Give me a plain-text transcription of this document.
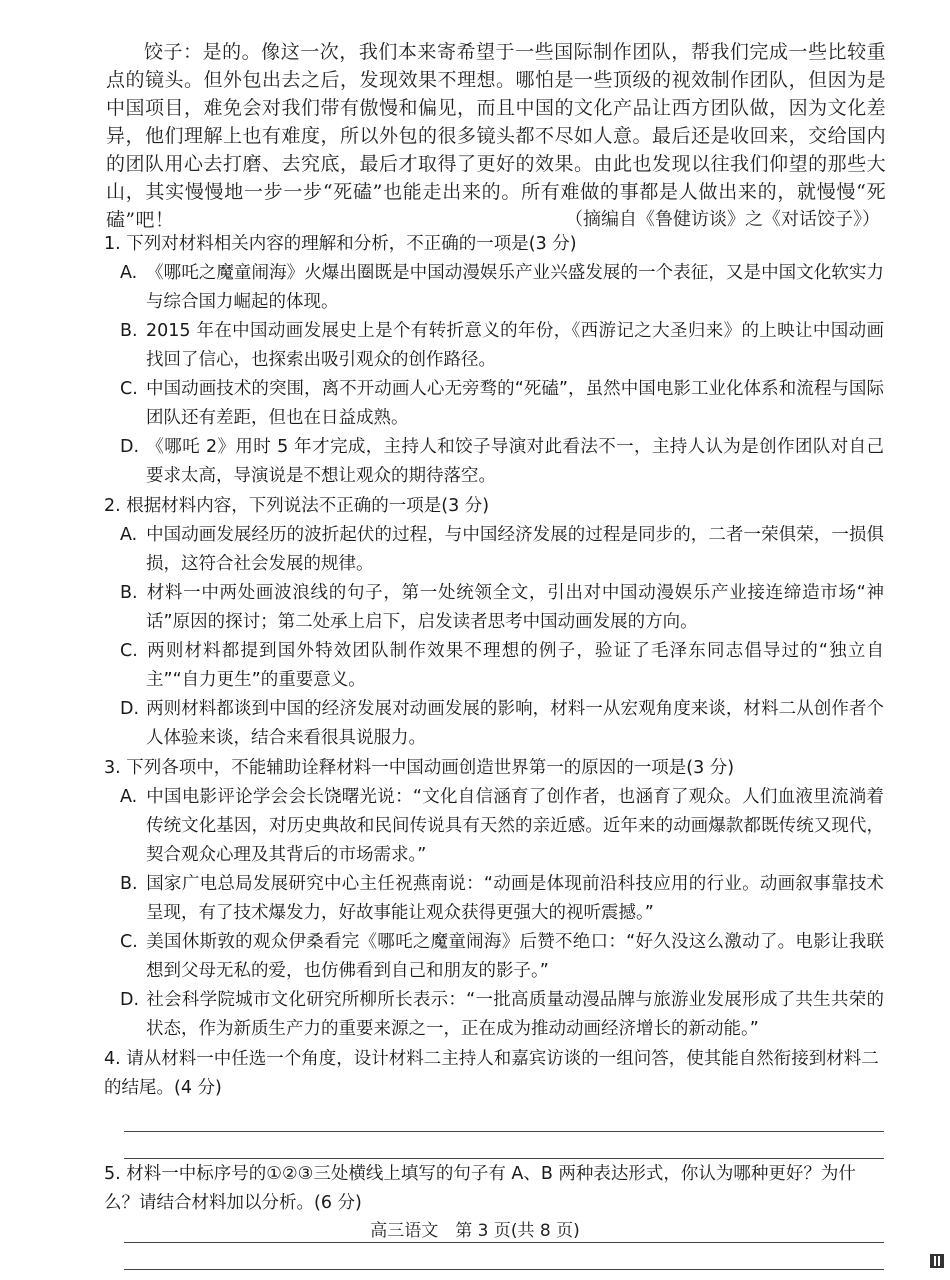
饺子：是的。像这一次，我们本来寄希望于一些国际制作团队，帮我们完成一些比较重点的镜头。但外包出去之后，发现效果不理想。哪怕是一些顶级的视效制作团队，但因为是中国项目，难免会对我们带有傲慢和偏见，而且中国的文化产品让西方团队做，因为文化差异，他们理解上也有难度，所以外包的很多镜头都不尽如人意。最后还是收回来，交给国内的团队用心去打磨、去究底，最后才取得了更好的效果。由此也发现以往我们仰望的那些大山，其实慢慢地一步一步“死磕”也能走出来的。所有难做的事都是人做出来的，就慢慢“死磕”吧！	（摘编自《鲁健访谈》之《对话饺子》）
1. 下列对材料相关内容的理解和分析，不正确的一项是(3 分)
A. 《哪吒之魔童闹海》火爆出圈既是中国动漫娱乐产业兴盛发展的一个表征，又是中国文化软实力与综合国力崛起的体现。
B. 2015 年在中国动画发展史上是个有转折意义的年份，《西游记之大圣归来》的上映让中国动画找回了信心，也探索出吸引观众的创作路径。
C. 中国动画技术的突围，离不开动画人心无旁骛的“死磕”，虽然中国电影工业化体系和流程与国际团队还有差距，但也在日益成熟。
D. 《哪吒 2》用时 5 年才完成，主持人和饺子导演对此看法不一，主持人认为是创作团队对自己要求太高，导演说是不想让观众的期待落空。
2. 根据材料内容，下列说法不正确的一项是(3 分)
A. 中国动画发展经历的波折起伏的过程，与中国经济发展的过程是同步的，二者一荣俱荣，一损俱损，这符合社会发展的规律。
B. 材料一中两处画波浪线的句子，第一处统领全文，引出对中国动漫娱乐产业接连缔造市场“神话”原因的探讨；第二处承上启下，启发读者思考中国动画发展的方向。
C. 两则材料都提到国外特效团队制作效果不理想的例子，验证了毛泽东同志倡导过的“独立自主”“自力更生”的重要意义。
D. 两则材料都谈到中国的经济发展对动画发展的影响，材料一从宏观角度来谈，材料二从创作者个人体验来谈，结合来看很具说服力。
3. 下列各项中，不能辅助诠释材料一中国动画创造世界第一的原因的一项是(3 分)
A. 中国电影评论学会会长饶曙光说：“文化自信涵育了创作者，也涵育了观众。人们血液里流淌着传统文化基因，对历史典故和民间传说具有天然的亲近感。近年来的动画爆款都既传统又现代，契合观众心理及其背后的市场需求。”
B. 国家广电总局发展研究中心主任祝燕南说：“动画是体现前沿科技应用的行业。动画叙事靠技术呈现，有了技术爆发力，好故事能让观众获得更强大的视听震撼。”
C. 美国休斯敦的观众伊桑看完《哪吒之魔童闹海》后赞不绝口：“好久没这么激动了。电影让我联想到父母无私的爱，也仿佛看到自己和朋友的影子。”
D. 社会科学院城市文化研究所柳所长表示：“一批高质量动漫品牌与旅游业发展形成了共生共荣的状态，作为新质生产力的重要来源之一，正在成为推动动画经济增长的新动能。”
4. 请从材料一中任选一个角度，设计材料二主持人和嘉宾访谈的一组问答，使其能自然衔接到材料二的结尾。(4 分)
5. 材料一中标序号的①②③三处横线上填写的句子有 A、B 两种表达形式，你认为哪种更好？为什么？请结合材料加以分析。(6 分)
高三语文　第 3 页(共 8 页)
